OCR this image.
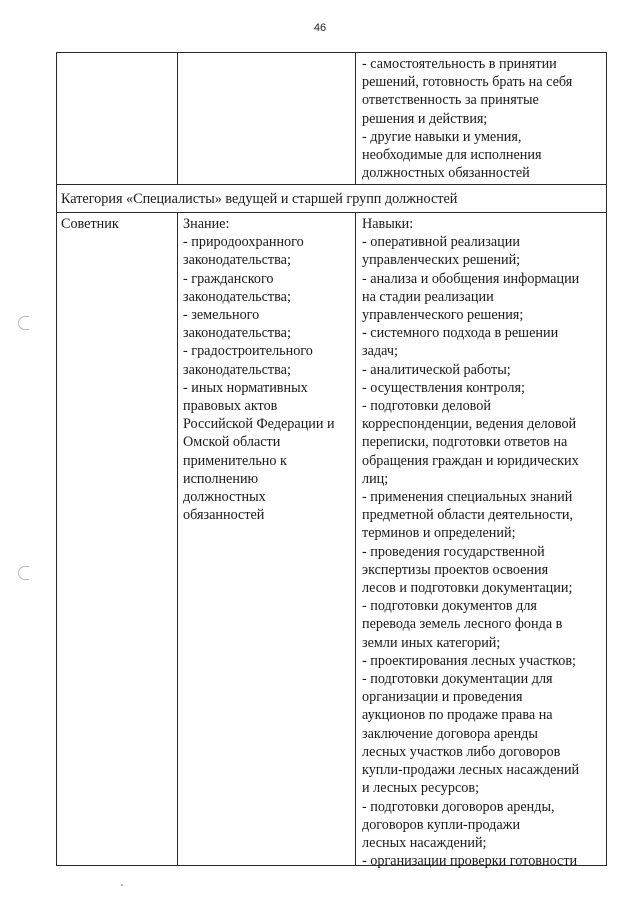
46
- самостоятельность в принятии
решений, готовность брать на себя
ответственность за принятые
решения и действия;
- другие навыки и умения,
необходимые для исполнения
должностных обязанностей
Категория «Специалисты» ведущей и старшей групп должностей
Советник	Знание:
- природоохранного
законодательства;
- гражданского
законодательства;
- земельного
законодательства;
- градостроительного
законодательства;
- иных нормативных
правовых актов
Российской Федерации и
Омской области
применительно к
исполнению
должностных
обязанностей
Навыки:
- оперативной реализации
управленческих решений;
- анализа и обобщения информации
на стадии реализации
управленческого решения;
- системного подхода в решении
задач;
- аналитической работы;
- осуществления контроля;
- подготовки деловой
корреспонденции, ведения деловой
переписки, подготовки ответов на
обращения граждан и юридических
лиц;
- применения специальных знаний
предметной области деятельности,
терминов и определений;
- проведения государственной
экспертизы проектов освоения
лесов и подготовки документации;
- подготовки документов для
перевода земель лесного фонда в
земли иных категорий;
- проектирования лесных участков;
- подготовки документации для
организации и проведения
аукционов по продаже права на
заключение договора аренды
лесных участков либо договоров
купли-продажи лесных насаждений
и лесных ресурсов;
- подготовки договоров аренды,
договоров купли-продажи
лесных насаждений;
- организации проверки готовности
